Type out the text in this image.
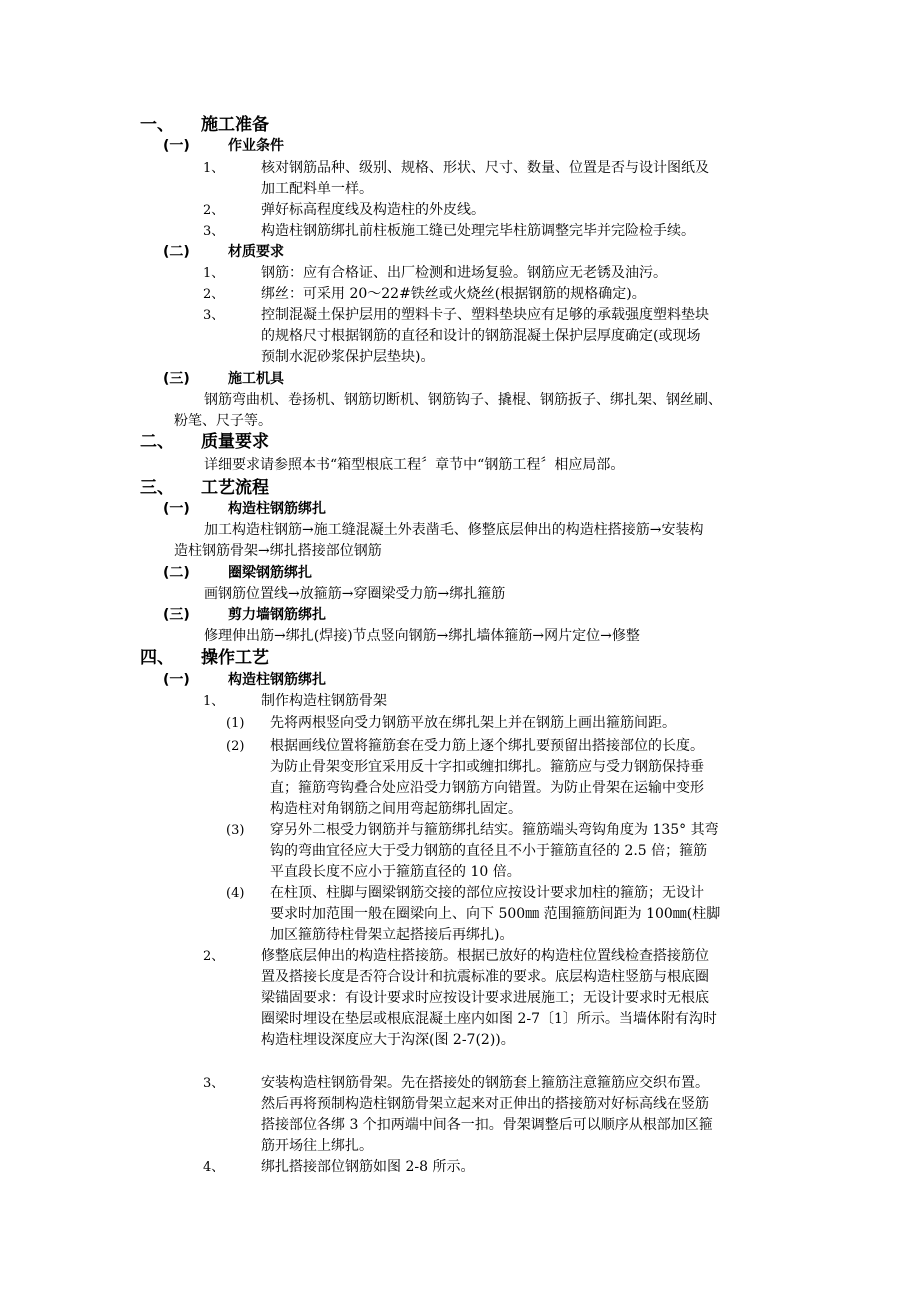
一、 施工准备
(一)	作业条件
1、	核对钢筋品种、级别、规格、形状、尺寸、数量、位置是否与设计图纸及
加工配料单一样。
2、	弹好标高程度线及构造柱的外皮线。
3、	构造柱钢筋绑扎前柱板施工缝已处理完毕柱筋调整完毕并完险检手续。
(二)	材质要求
1、	钢筋：应有合格证、出厂检测和进场复验。钢筋应无老锈及油污。
2、	绑丝：可采用 20～22#铁丝或火烧丝(根据钢筋的规格确定)。
3、	控制混凝土保护层用的塑料卡子、塑料垫块应有足够的承载强度塑料垫块
的规格尺寸根据钢筋的直径和设计的钢筋混凝土保护层厚度确定(或现场
预制水泥砂浆保护层垫块)。
(三)	施工机具
钢筋弯曲机、卷扬机、钢筋切断机、钢筋钩子、撬棍、钢筋扳子、绑扎架、钢丝刷、
粉笔、尺子等。
二、 质量要求
详细要求请参照本书“箱型根底工程〞章节中“钢筋工程〞相应局部。
三、 工艺流程
(一)	构造柱钢筋绑扎
加工构造柱钢筋→施工缝混凝土外表凿毛、修整底层伸出的构造柱搭接筋→安装构
造柱钢筋骨架→绑扎搭接部位钢筋
(二)	圈梁钢筋绑扎
画钢筋位置线→放箍筋→穿圈梁受力筋→绑扎箍筋
(三)	剪力墙钢筋绑扎
修理伸出筋→绑扎(焊接)节点竖向钢筋→绑扎墙体箍筋→网片定位→修整
四、 操作工艺
(一)	构造柱钢筋绑扎
1、	制作构造柱钢筋骨架
(1) 先将两根竖向受力钢筋平放在绑扎架上并在钢筋上画出箍筋间距。
(2) 根据画线位置将箍筋套在受力筋上逐个绑扎要预留出搭接部位的长度。
为防止骨架变形宜采用反十字扣或缠扣绑扎。箍筋应与受力钢筋保持垂
直；箍筋弯钩叠合处应沿受力钢筋方向错置。为防止骨架在运输中变形
构造柱对角钢筋之间用弯起筋绑扎固定。
(3) 穿另外二根受力钢筋并与箍筋绑扎结实。箍筋端头弯钩角度为 135° 其弯
钩的弯曲宜径应大于受力钢筋的直径且不小于箍筋直径的 2.5 倍；箍筋
平直段长度不应小于箍筋直径的 10 倍。
(4) 在柱顶、柱脚与圈梁钢筋交接的部位应按设计要求加柱的箍筋；无设计
要求时加范围一般在圈梁向上、向下 500㎜ 范围箍筋间距为 100㎜(柱脚
加区箍筋待柱骨架立起搭接后再绑扎)。
2、	修整底层伸出的构造柱搭接筋。根据已放好的构造柱位置线检查搭接筋位
置及搭接长度是否符合设计和抗震标准的要求。底层构造柱竖筋与根底圈
梁锚固要求：有设计要求时应按设计要求进展施工；无设计要求时无根底
圈梁时埋设在垫层或根底混凝土座内如图 2-7〔1〕所示。当墙体附有沟时
构造柱埋设深度应大于沟深(图 2-7(2))。
3、	安装构造柱钢筋骨架。先在搭接处的钢筋套上箍筋注意箍筋应交织布置。
然后再将预制构造柱钢筋骨架立起来对正伸出的搭接筋对好标高线在竖筋
搭接部位各绑 3 个扣两端中间各一扣。骨架调整后可以顺序从根部加区箍
筋开场往上绑扎。
4、	绑扎搭接部位钢筋如图 2-8 所示。
